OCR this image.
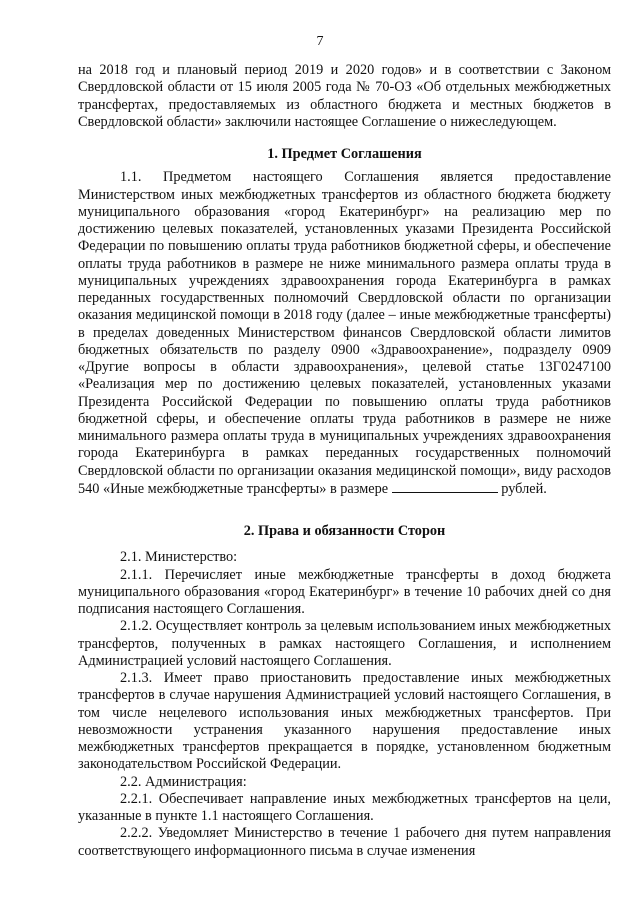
7

на 2018 год и плановый период 2019 и 2020 годов» и в соответствии с Законом Свердловской области от 15 июля 2005 года № 70-ОЗ «Об отдельных межбюджетных трансфертах, предоставляемых из областного бюджета и местных бюджетов в Свердловской области» заключили настоящее Соглашение о нижеследующем.

1. Предмет Соглашения

1.1. Предметом настоящего Соглашения является предоставление Министерством иных межбюджетных трансфертов из областного бюджета бюджету муниципального образования «город Екатеринбург» на реализацию мер по достижению целевых показателей, установленных указами Президента Российской Федерации по повышению оплаты труда работников бюджетной сферы, и обеспечение оплаты труда работников в размере не ниже минимального размера оплаты труда в муниципальных учреждениях здравоохранения города Екатеринбурга в рамках переданных государственных полномочий Свердловской области по организации оказания медицинской помощи в 2018 году (далее – иные межбюджетные трансферты) в пределах доведенных Министерством финансов Свердловской области лимитов бюджетных обязательств по разделу 0900 «Здравоохранение», подразделу 0909 «Другие вопросы в области здравоохранения», целевой статье 13Г0247100 «Реализация мер по достижению целевых показателей, установленных указами Президента Российской Федерации по повышению оплаты труда работников бюджетной сферы, и обеспечение оплаты труда работников в размере не ниже минимального размера оплаты труда в муниципальных учреждениях здравоохранения города Екатеринбурга в рамках переданных государственных полномочий Свердловской области по организации оказания медицинской помощи», виду расходов 540 «Иные межбюджетные трансферты» в размере	рублей.

2. Права и обязанности Сторон

2.1. Министерство:

2.1.1. Перечисляет иные межбюджетные трансферты в доход бюджета муниципального образования «город Екатеринбург» в течение 10 рабочих дней со дня подписания настоящего Соглашения.

2.1.2. Осуществляет контроль за целевым использованием иных межбюджетных трансфертов, полученных в рамках настоящего Соглашения, и исполнением Администрацией условий настоящего Соглашения.

2.1.3. Имеет право приостановить предоставление иных межбюджетных трансфертов в случае нарушения Администрацией условий настоящего Соглашения, в том числе нецелевого использования иных межбюджетных трансфертов. При невозможности устранения указанного нарушения предоставление иных межбюджетных трансфертов прекращается в порядке, установленном бюджетным законодательством Российской Федерации.

2.2. Администрация:

2.2.1. Обеспечивает направление иных межбюджетных трансфертов на цели, указанные в пункте 1.1 настоящего Соглашения.

2.2.2. Уведомляет Министерство в течение 1 рабочего дня путем направления соответствующего информационного письма в случае изменения
